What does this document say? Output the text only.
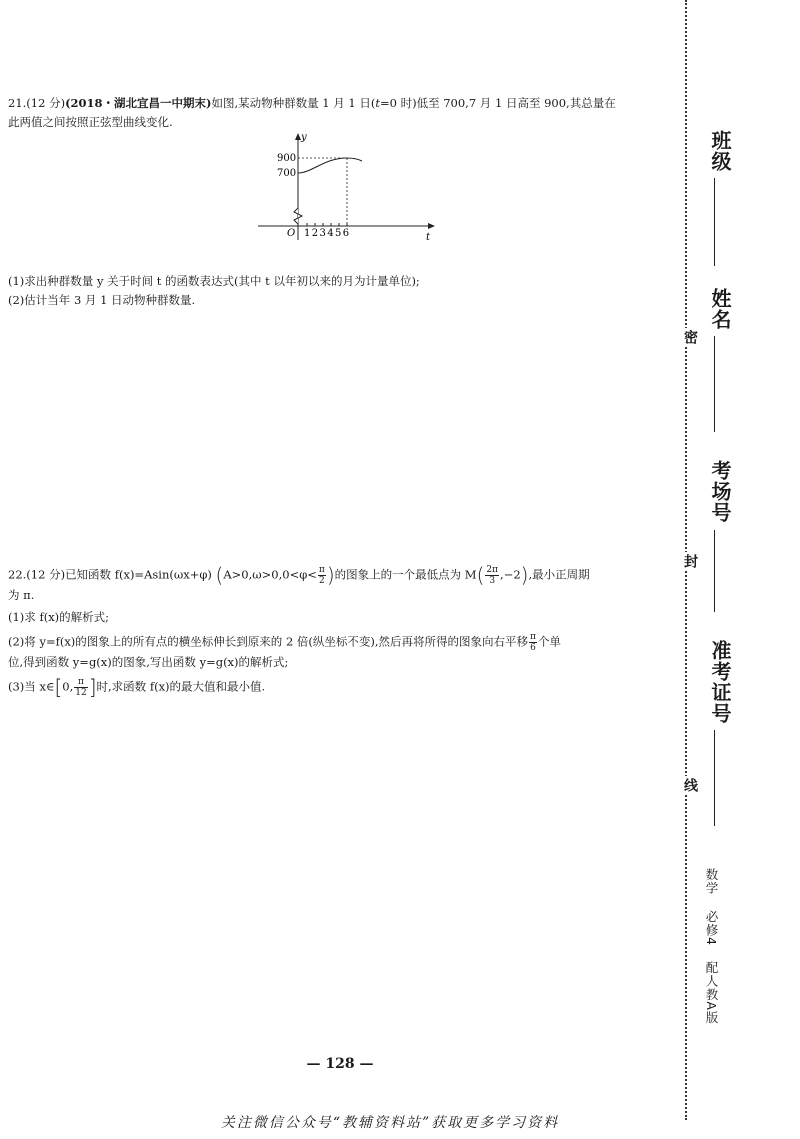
21.(12 分)(2018・湖北宜昌一中期末)如图,某动物种群数量 1 月 1 日(t=0 时)低至 700,7 月 1 日高至 900,其总量在

此两值之间按照正弦型曲线变化.

y
t
O
900
700
123456

(1)求出种群数量 y 关于时间 t 的函数表达式(其中 t 以年初以来的月为计量单位);

(2)估计当年 3 月 1 日动物种群数量.

22.(12 分)已知函数 f(x)=Asin(ωx+φ) ($A>0,\omega>0,0<\varphi< \frac{\pi}{2}$ )的图象上的一个最低点为 $M( \frac{2\pi}{3} ,-2)$,最小正周期

为 π.

(1)求 f(x)的解析式;

(2)将 y=f(x)的图象上的所有点的横坐标伸长到原来的 2 倍(纵坐标不变),然后再将所得的图象向右平移 $\frac{\pi}{6}$ 个单

位,得到函数 y=g(x)的图象,写出函数 y=g(x)的解析式;

(3)当 x∈[0, $\frac{\pi}{12}$ ]时,求函数 f(x)的最大值和最小值.

班级
姓名
密
考场号
封
准考证号
线
数学 必修4 配人教A版
— 128 —
关注微信公众号“教辅资料站”获取更多学习资料
